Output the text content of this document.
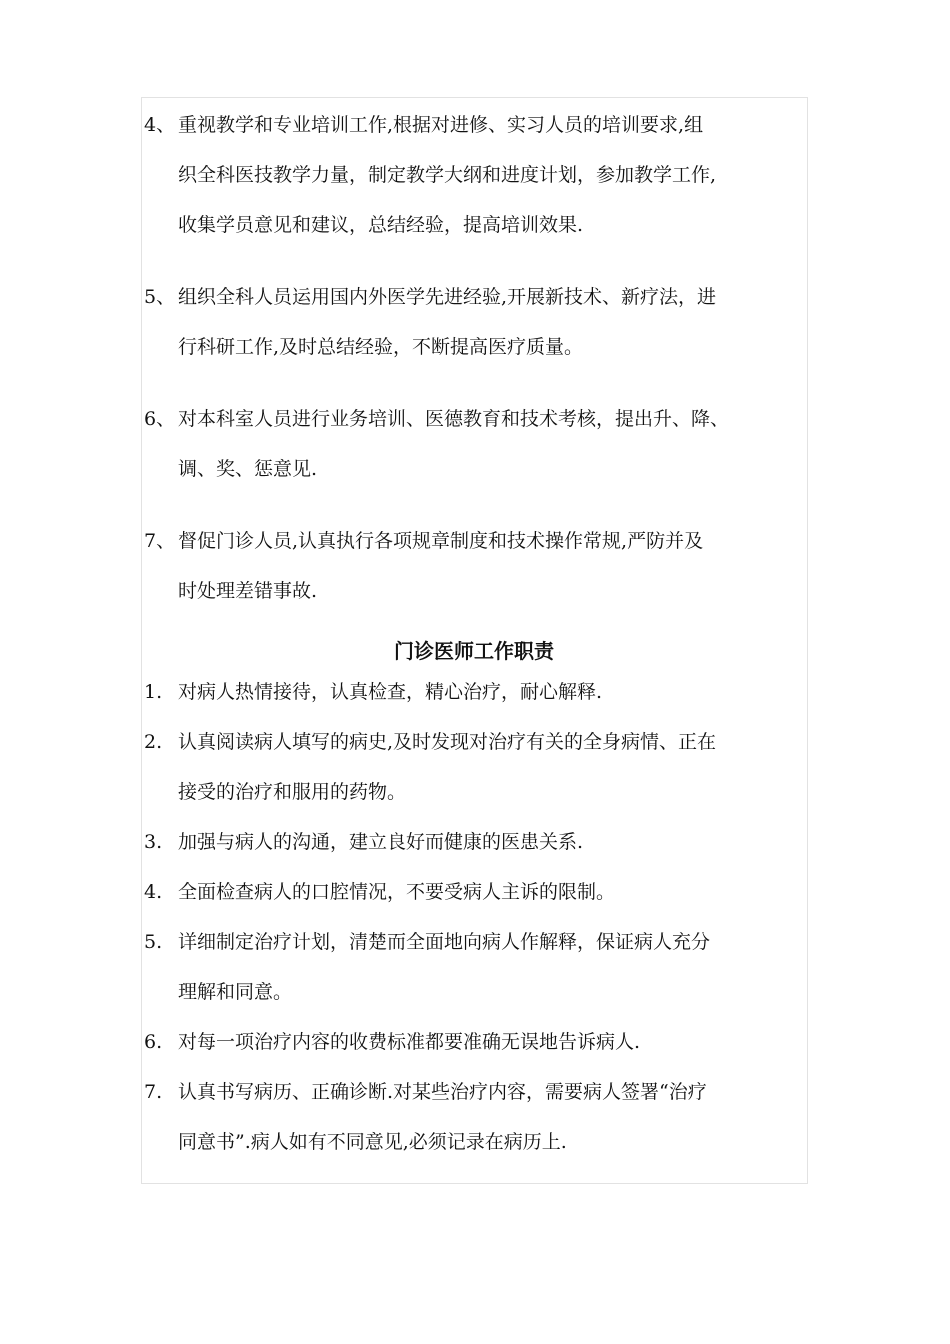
4、 重视教学和专业培训工作,根据对进修、实习人员的培训要求,组
织全科医技教学力量，制定教学大纲和进度计划，参加教学工作,
收集学员意见和建议，总结经验，提高培训效果.
5、 组织全科人员运用国内外医学先进经验,开展新技术、新疗法，进
行科研工作,及时总结经验，不断提高医疗质量。
6、 对本科室人员进行业务培训、医德教育和技术考核，提出升、降、
调、奖、惩意见.
7、 督促门诊人员,认真执行各项规章制度和技术操作常规,严防并及
时处理差错事故.
门诊医师工作职责
1. 对病人热情接待，认真检查，精心治疗，耐心解释.
2. 认真阅读病人填写的病史,及时发现对治疗有关的全身病情、正在
接受的治疗和服用的药物。
3. 加强与病人的沟通，建立良好而健康的医患关系.
4. 全面检查病人的口腔情况，不要受病人主诉的限制。
5. 详细制定治疗计划，清楚而全面地向病人作解释，保证病人充分
理解和同意。
6. 对每一项治疗内容的收费标准都要准确无误地告诉病人.
7. 认真书写病历、正确诊断.对某些治疗内容，需要病人签署“治疗
同意书”.病人如有不同意见,必须记录在病历上.
